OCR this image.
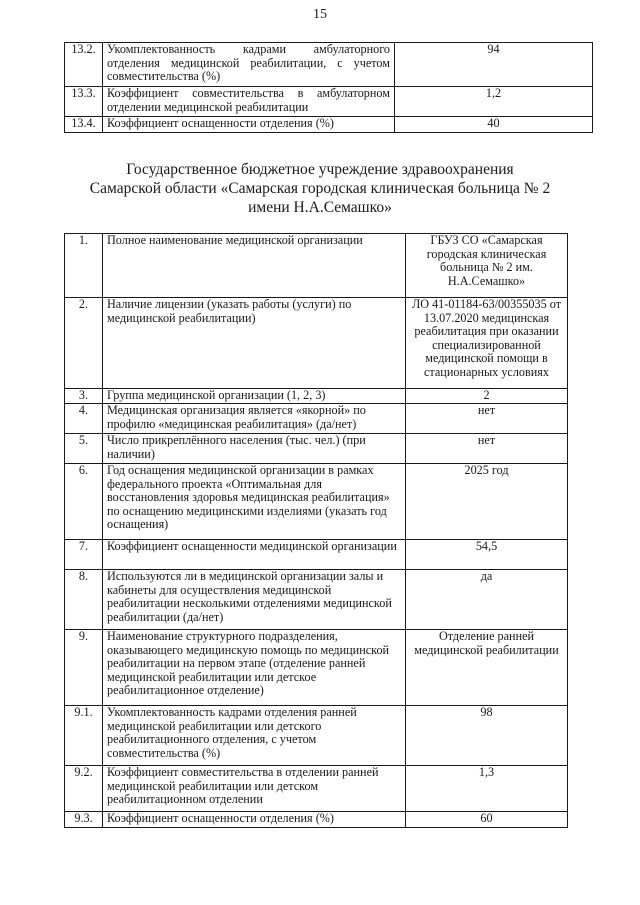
15
13.2.	Укомплектованность кадрами амбулаторного отделения медицинской реабилитации, с учетом совместительства (%)	94
13.3.	Коэффициент совместительства в амбулаторном отделении медицинской реабилитации	1,2
13.4.	Коэффициент оснащенности отделения (%)	40
Государственное бюджетное учреждение здравоохранения
Самарской области «Самарская городская клиническая больница № 2
имени Н.А.Семашко»
1.	Полное наименование медицинской организации	ГБУЗ СО «Самарская городская клиническая больница № 2 им. Н.А.Семашко»
2.	Наличие лицензии (указать работы (услуги) по медицинской реабилитации)	ЛО 41-01184-63/00355035 от 13.07.2020 медицинская реабилитация при оказании специализированной медицинской помощи в стационарных условиях
3.	Группа медицинской организации (1, 2, 3)	2
4.	Медицинская организация является «якорной» по профилю «медицинская реабилитация» (да/нет)	нет
5.	Число прикреплённого населения (тыс. чел.) (при наличии)	нет
6.	Год оснащения медицинской организации в рамках федерального проекта «Оптимальная для восстановления здоровья медицинская реабилитация» по оснащению медицинскими изделиями (указать год оснащения)	2025 год
7.	Коэффициент оснащенности медицинской организации	54,5
8.	Используются ли в медицинской организации залы и кабинеты для осуществления медицинской реабилитации несколькими отделениями медицинской реабилитации (да/нет)	да
9.	Наименование структурного подразделения, оказывающего медицинскую помощь по медицинской реабилитации на первом этапе (отделение ранней медицинской реабилитации или детское реабилитационное отделение)	Отделение ранней медицинской реабилитации
9.1.	Укомплектованность кадрами отделения ранней медицинской реабилитации или детского реабилитационного отделения, с учетом совместительства (%)	98
9.2.	Коэффициент совместительства в отделении ранней медицинской реабилитации или детском реабилитационном отделении	1,3
9.3.	Коэффициент оснащенности отделения (%)	60
